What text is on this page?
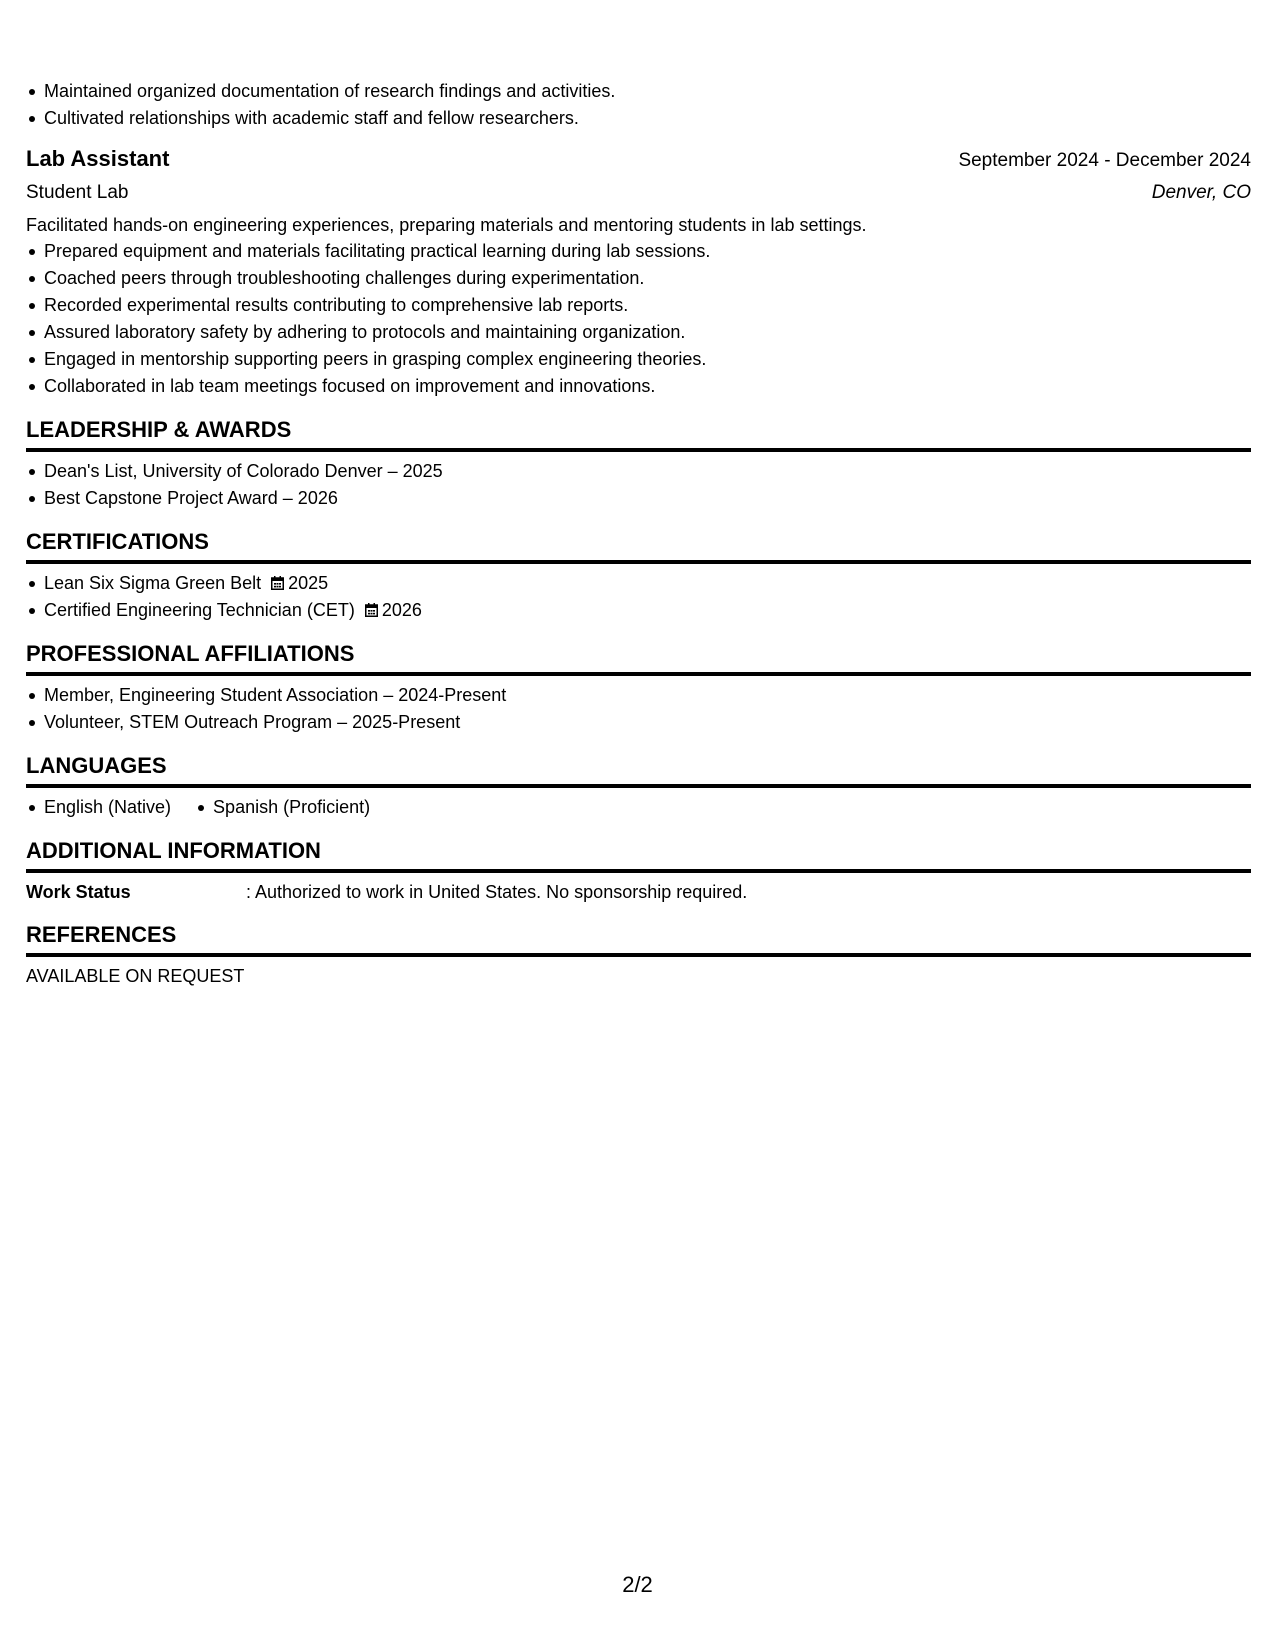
Maintained organized documentation of research findings and activities.
Cultivated relationships with academic staff and fellow researchers.
Lab Assistant	September 2024 - December 2024
Student Lab	Denver, CO
Facilitated hands-on engineering experiences, preparing materials and mentoring students in lab settings.
Prepared equipment and materials facilitating practical learning during lab sessions.
Coached peers through troubleshooting challenges during experimentation.
Recorded experimental results contributing to comprehensive lab reports.
Assured laboratory safety by adhering to protocols and maintaining organization.
Engaged in mentorship supporting peers in grasping complex engineering theories.
Collaborated in lab team meetings focused on improvement and innovations.
LEADERSHIP & AWARDS
Dean's List, University of Colorado Denver – 2025
Best Capstone Project Award – 2026
CERTIFICATIONS
Lean Six Sigma Green Belt 2025
Certified Engineering Technician (CET) 2026
PROFESSIONAL AFFILIATIONS
Member, Engineering Student Association – 2024-Present
Volunteer, STEM Outreach Program – 2025-Present
LANGUAGES
English (Native) Spanish (Proficient)
ADDITIONAL INFORMATION
Work Status	: Authorized to work in United States. No sponsorship required.
REFERENCES
AVAILABLE ON REQUEST
2/2
